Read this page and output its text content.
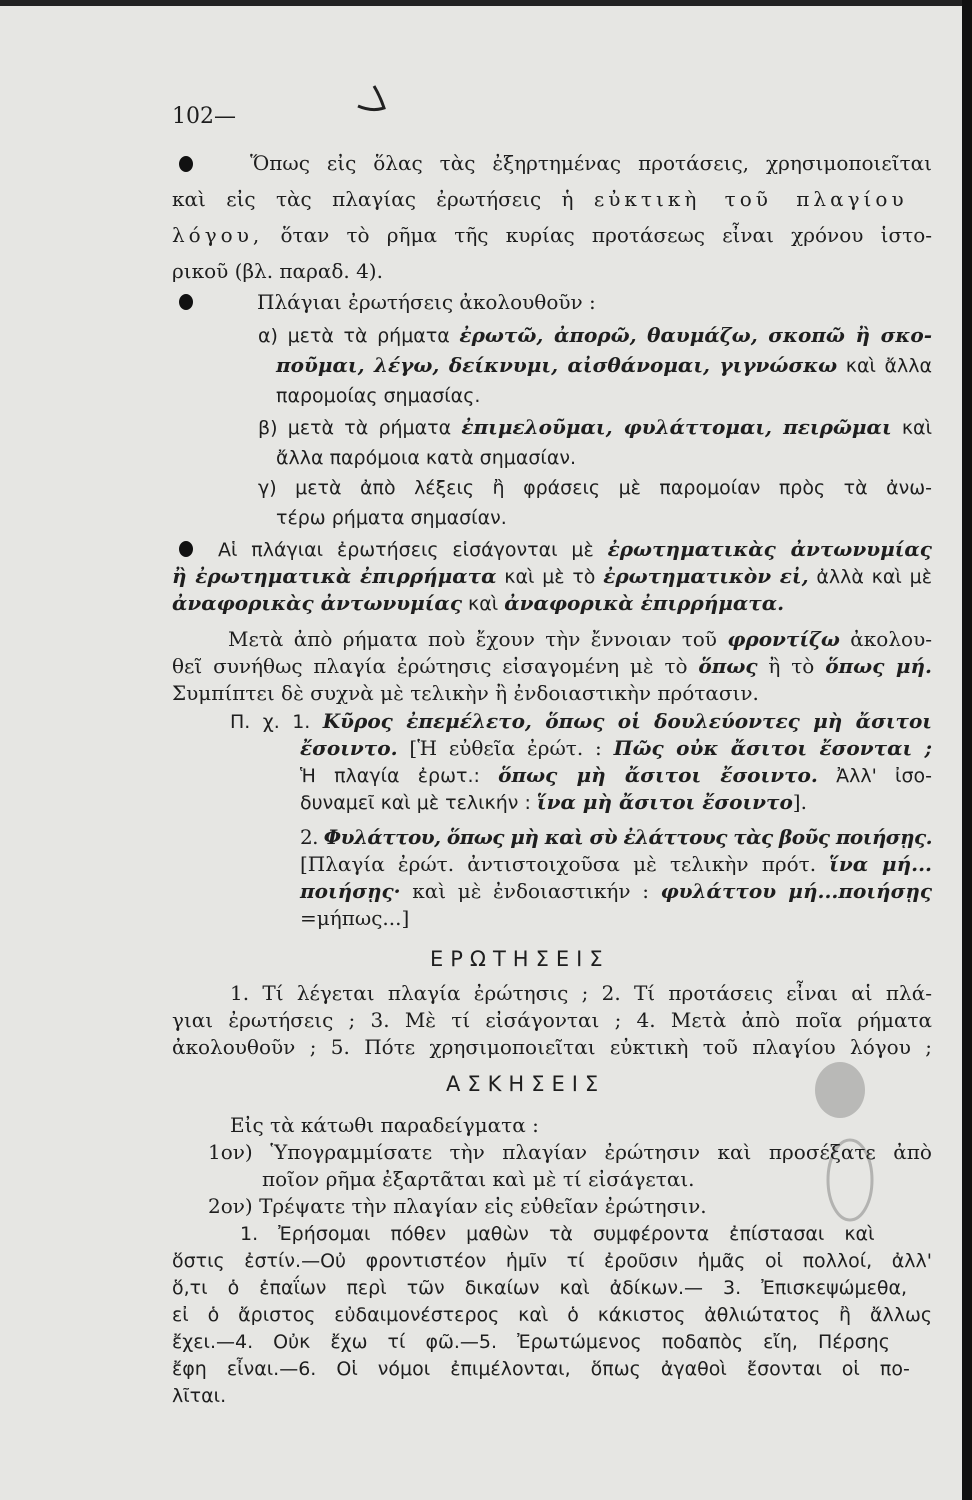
102—
ΕΡΩΤΗΣΕΙΣ
ΑΣΚΗΣΕΙΣ
Ὅπως εἰς ὅλας τὰς ἐξηρτημένας προτάσεις, χρησιμοποιεῖται
καὶ εἰς τὰς πλαγίας ἐρωτήσεις ἡ εὐκτικὴ τοῦ πλαγίου
λόγου, ὅταν τὸ ρῆμα τῆς κυρίας προτάσεως εἶναι χρόνου ἱστο-
ρικοῦ (βλ. παραδ. 4).
Πλάγιαι ἐρωτήσεις ἀκολουθοῦν :
α) μετὰ τὰ ρήματα ἐρωτῶ, ἀπορῶ, θαυμάζω, σκοπῶ ἢ σκο-
ποῦμαι, λέγω, δείκνυμι, αἰσθάνομαι, γιγνώσκω καὶ ἄλλα
παρομοίας σημασίας.
β) μετὰ τὰ ρήματα ἐπιμελοῦμαι, φυλάττομαι, πειρῶμαι καὶ
ἄλλα παρόμοια κατὰ σημασίαν.
γ) μετὰ ἀπὸ λέξεις ἢ φράσεις μὲ παρομοίαν πρὸς τὰ ἀνω-
τέρω ρήματα σημασίαν.
Αἱ πλάγιαι ἐρωτήσεις εἰσάγονται μὲ ἐρωτηματικὰς ἀντωνυμίας
ἢ ἐρωτηματικὰ ἐπιρρήματα καὶ μὲ τὸ ἐρωτηματικὸν εἰ, ἀλλὰ καὶ μὲ
ἀναφορικὰς ἀντωνυμίας καὶ ἀναφορικὰ ἐπιρρήματα.
Μετὰ ἀπὸ ρήματα ποὺ ἔχουν τὴν ἔννοιαν τοῦ φροντίζω ἀκολου-
θεῖ συνήθως πλαγία ἐρώτησις εἰσαγομένη μὲ τὸ ὅπως ἢ τὸ ὅπως μή.
Συμπίπτει δὲ συχνὰ μὲ τελικὴν ἢ ἐνδοιαστικὴν πρότασιν.
Π. χ. 1. Κῦρος ἐπεμέλετο, ὅπως οἱ δουλεύοντες μὴ ἄσιτοι
ἔσοιντο. [Ἡ εὐθεῖα ἐρώτ. : Πῶς οὐκ ἄσιτοι ἔσονται ;
Ἡ πλαγία ἐρωτ.: ὅπως μὴ ἄσιτοι ἔσοιντο. Ἀλλ' ἰσο-
δυναμεῖ καὶ μὲ τελικήν : ἵνα μὴ ἄσιτοι ἔσοιντο].
2. Φυλάττου, ὅπως μὴ καὶ σὺ ἐλάττους τὰς βοῦς ποιήσῃς.
[Πλαγία ἐρώτ. ἀντιστοιχοῦσα μὲ τελικὴν πρότ. ἵνα μή...
ποιήσῃς· καὶ μὲ ἐνδοιαστικήν : φυλάττου μή...ποιήσῃς
=μήπως...]
1. Τί λέγεται πλαγία ἐρώτησις ; 2. Τί προτάσεις εἶναι αἱ πλά-
γιαι ἐρωτήσεις ; 3. Μὲ τί εἰσάγονται ; 4. Μετὰ ἀπὸ ποῖα ρήματα
ἀκολουθοῦν ; 5. Πότε χρησιμοποιεῖται εὐκτικὴ τοῦ πλαγίου λόγου ;
Εἰς τὰ κάτωθι παραδείγματα :
1ον) Ὑπογραμμίσατε τὴν πλαγίαν ἐρώτησιν καὶ προσέξατε ἀπὸ
ποῖον ρῆμα ἐξαρτᾶται καὶ μὲ τί εἰσάγεται.
2ον) Τρέψατε τὴν πλαγίαν εἰς εὐθεῖαν ἐρώτησιν.
1. Ἐρήσομαι πόθεν μαθὼν τὰ συμφέροντα ἐπίστασαι καὶ
ὅστις ἐστίν.—Οὐ φροντιστέον ἡμῖν τί ἐροῦσιν ἡμᾶς οἱ πολλοί, ἀλλ'
ὅ,τι ὁ ἐπαΐων περὶ τῶν δικαίων καὶ ἀδίκων.— 3. Ἐπισκεψώμεθα,
εἰ ὁ ἄριστος εὐδαιμονέστερος καὶ ὁ κάκιστος ἀθλιώτατος ἢ ἄλλως
ἔχει.—4. Οὐκ ἔχω τί φῶ.—5. Ἐρωτώμενος ποδαπὸς εἴη, Πέρσης
ἔφη εἶναι.—6. Οἱ νόμοι ἐπιμέλονται, ὅπως ἀγαθοὶ ἔσονται οἱ πο-
λῖται.
